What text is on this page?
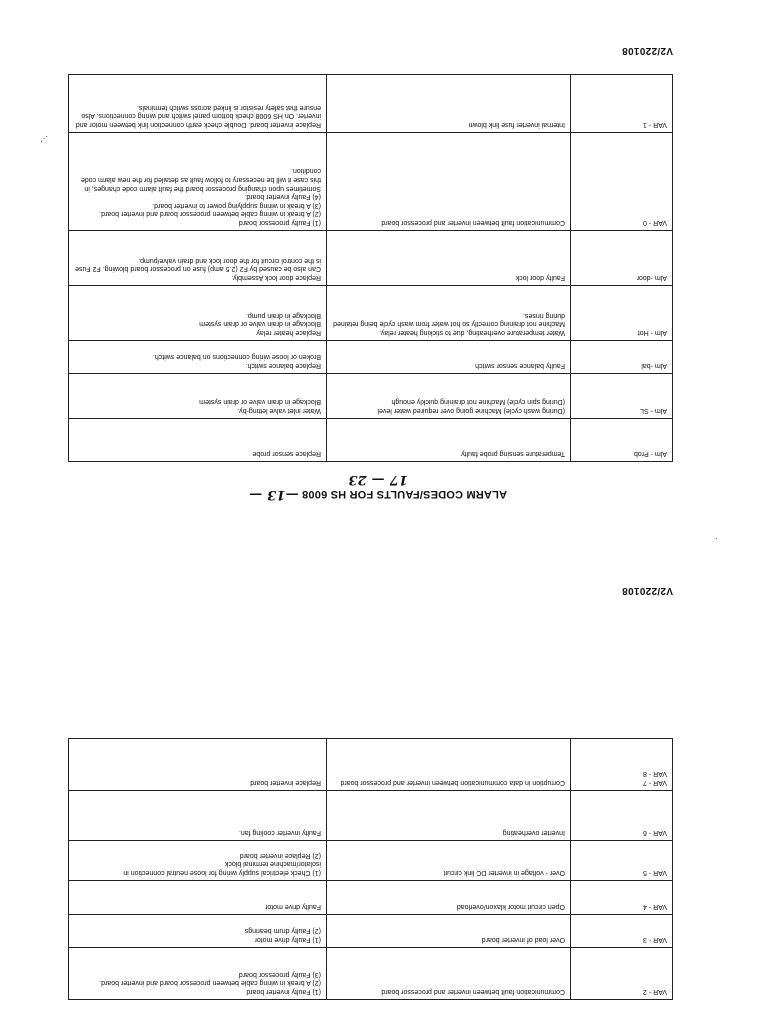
VAR - 2	Communication fault between inverter and processor board	(1) Faulty inverter board
(2) A break in wiring cable between processor board and inverter board.
(3) Faulty processor board

VAR - 3	Over load of inverter board	(1) Faulty drive motor
(2) Faulty drum bearings

VAR - 4	Open circuit motor klaxon/overload	Faulty drive motor

VAR - 5	Over - voltage in inverter DC link circuit	(1) Check electrical supply wiring for loose neutral connection in isolator/machine terminal block
(2) Replace inverter board

VAR - 6	Inverter overheating	Faulty inverter cooling fan.

VAR - 7
VAR - 8	Corruption in data communication between inverter and processor board	Replace inverter board
V2/220108
ALARM CODES/FAULTS FOR HS 6008 —13 — 17 — 23
Alm - Prob	Temperature sensing probe faulty	Replace sensor probe

Alm - SL	(During wash cycle) Machine going over required water level
(During spin cycle) Machine not draining quickly enough	Water inlet valve letting-by.
Blockage in drain valve or drain system

Alm -bal	Faulty balance sensor switch	Replace balance switch.
Broken or loose wiring connections on balance switch.

Alm - Hot	Water temperature overheating, due to sticking heater relay.
Machine not draining correctly so hot water from wash cycle being retained during rinses.	Replace heater relay
Blockage in drain valve or drain system
Blockage in drain pump.

Alm -door	Faulty door lock	Replace door lock Assembly.
Can also be caused by F2 (2.5 amp) fuse on processor board blowing. F2 Fuse is the control circuit for the door lock and drain valve/pump.

VAR - 0	Communication fault between inverter and processor board	(1) Faulty processor board
(2) A break in wiring cable between processor board and inverter board.
(3) A break in wiring supplying power to inverter board.
(4) Faulty inverter board.
Sometimes upon changing processor board the fault alarm code changes, in this case it will be necessary to follow fault as detailed for the new alarm code condition.

VAR - 1	Internal inverter fuse link blown	Replace inverter board. Double check earth connection link between motor and inverter. On HS 6008 check bottom panel switch and wiring connections. Also ensure that safety resistor is linked across switch terminals.
V2/220108
.·'
·
